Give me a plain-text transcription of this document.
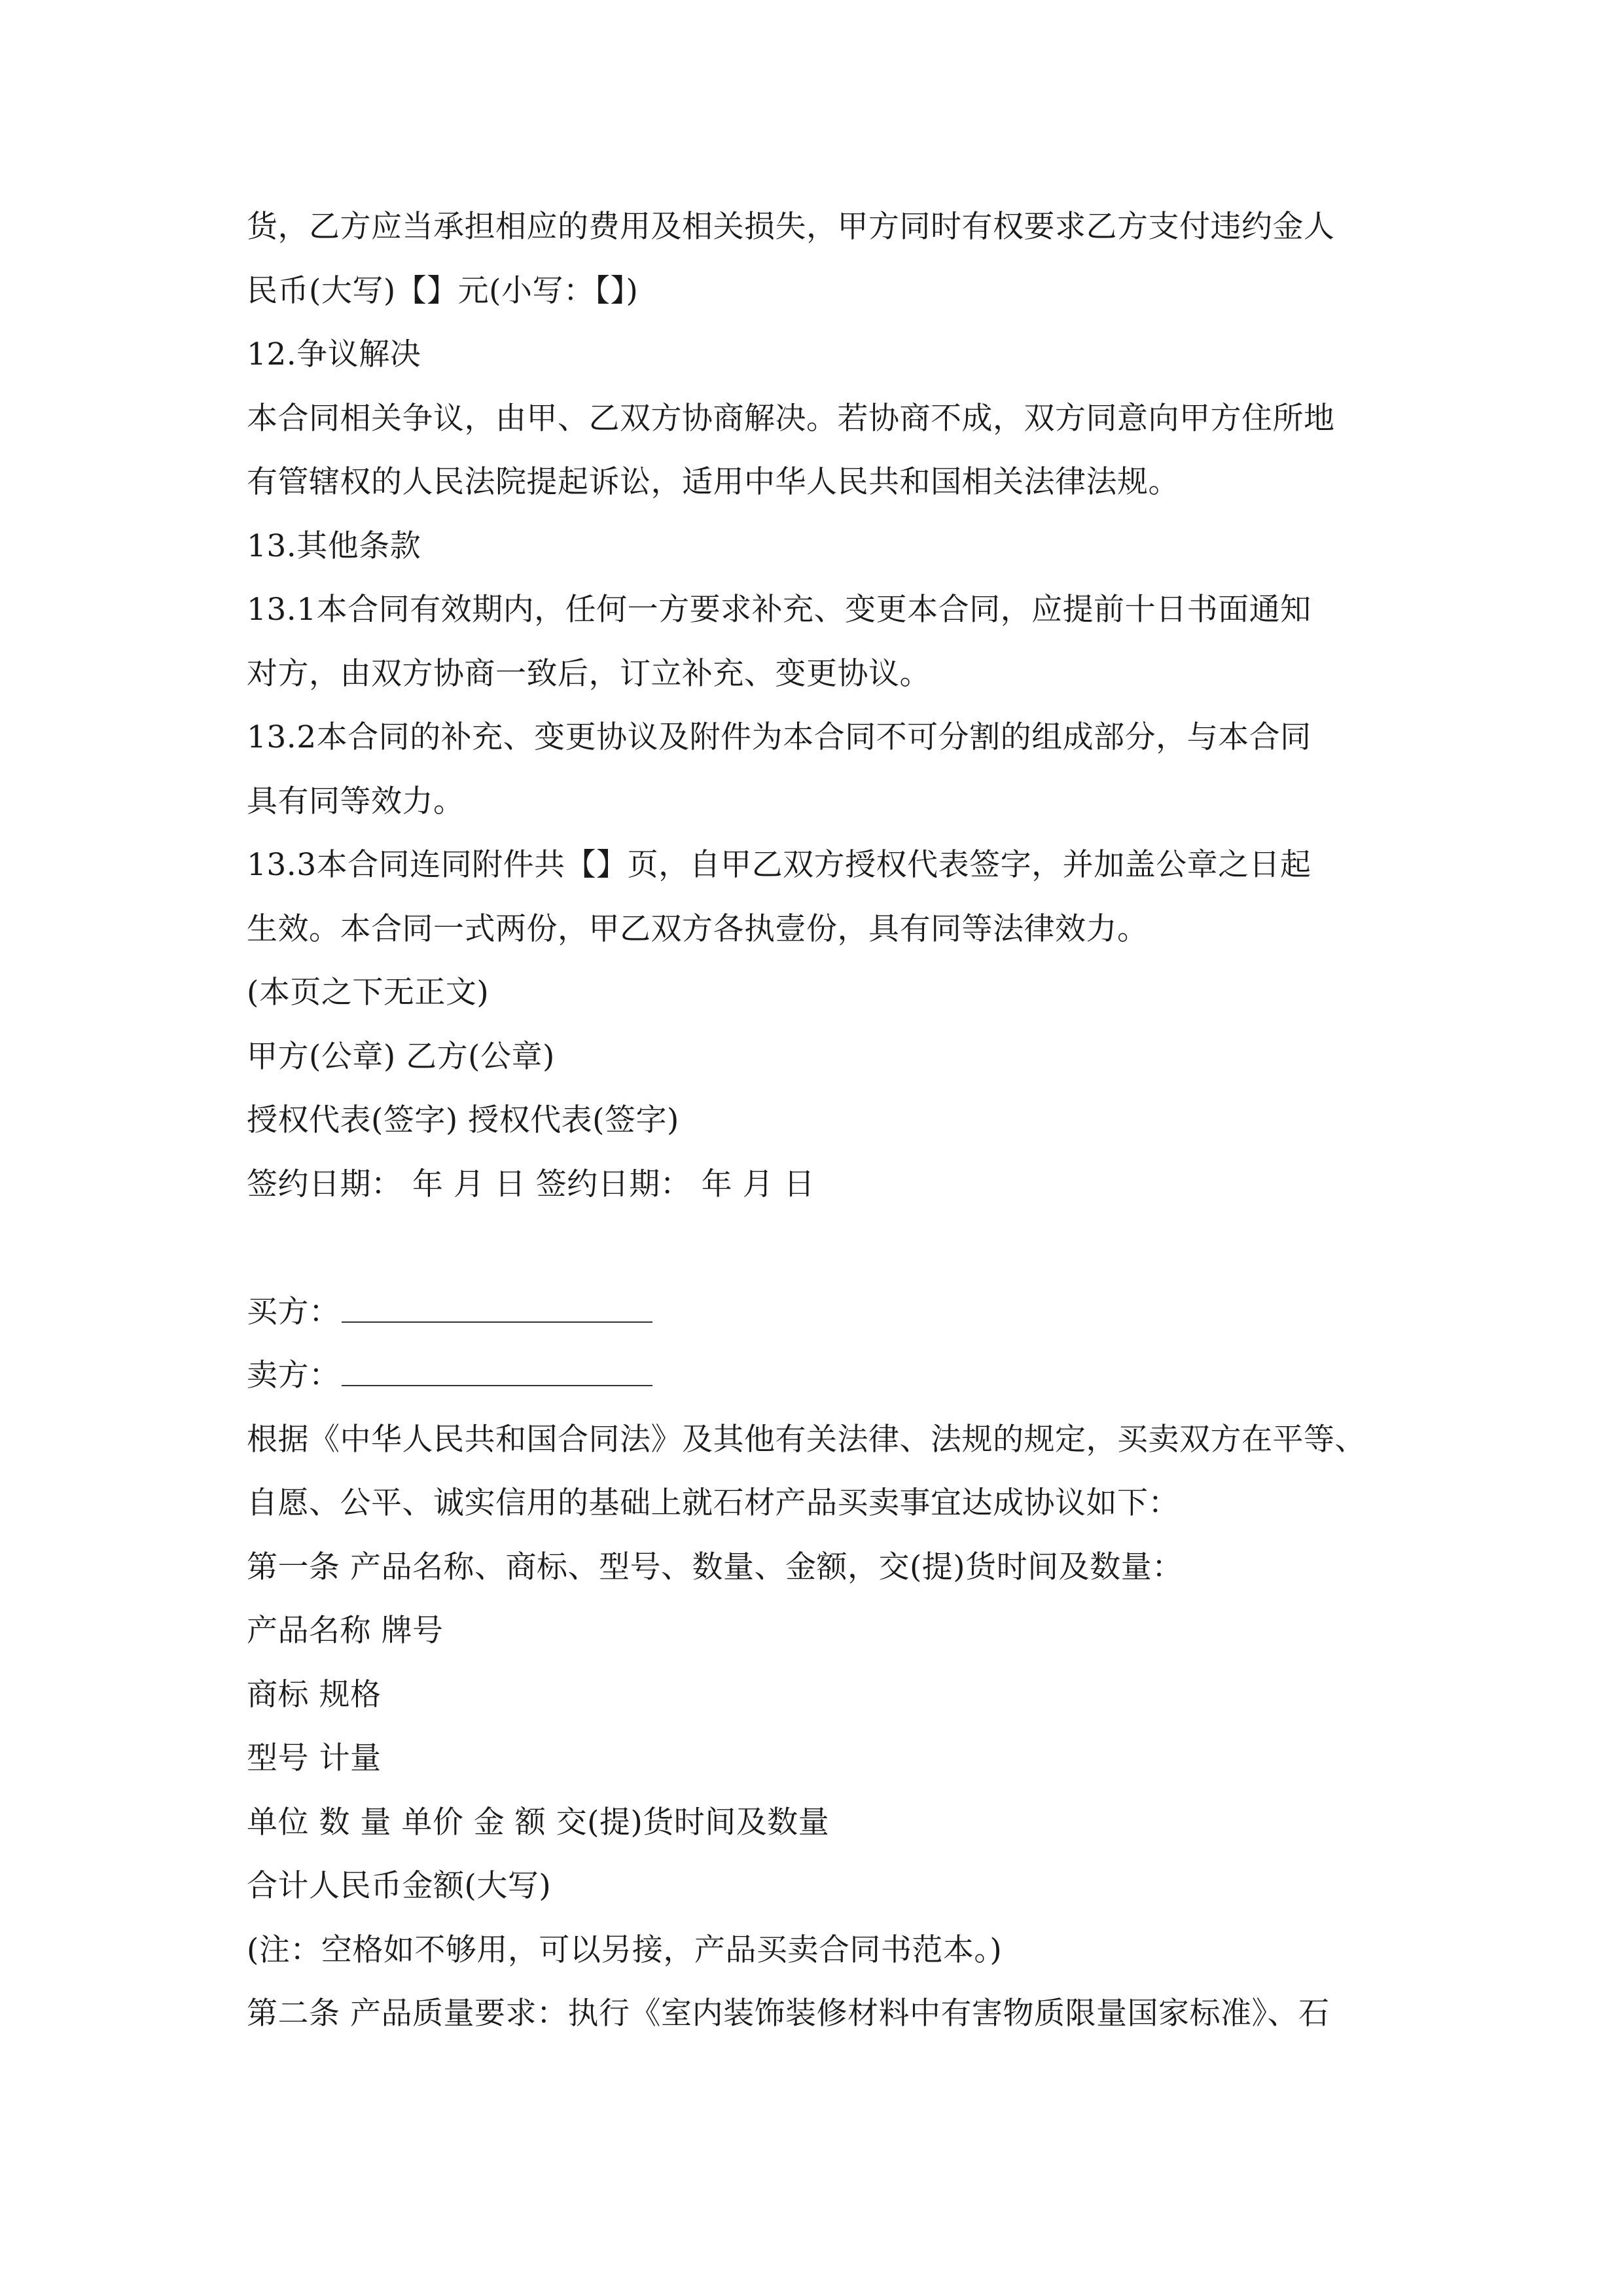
货，乙方应当承担相应的费用及相关损失，甲方同时有权要求乙方支付违约金人
民币(大写)【】元(小写：【】)
12.争议解决
本合同相关争议，由甲、乙双方协商解决。若协商不成，双方同意向甲方住所地
有管辖权的人民法院提起诉讼，适用中华人民共和国相关法律法规。
13.其他条款
13.1本合同有效期内，任何一方要求补充、变更本合同，应提前十日书面通知
对方，由双方协商一致后，订立补充、变更协议。
13.2本合同的补充、变更协议及附件为本合同不可分割的组成部分，与本合同
具有同等效力。
13.3本合同连同附件共【】页，自甲乙双方授权代表签字，并加盖公章之日起
生效。本合同一式两份，甲乙双方各执壹份，具有同等法律效力。
(本页之下无正文)
甲方(公章) 乙方(公章)
授权代表(签字) 授权代表(签字)
签约日期： 年 月 日 签约日期： 年 月 日
买方：
卖方：
根据《中华人民共和国合同法》及其他有关法律、法规的规定，买卖双方在平等、
自愿、公平、诚实信用的基础上就石材产品买卖事宜达成协议如下：
第一条 产品名称、商标、型号、数量、金额，交(提)货时间及数量：
产品名称 牌号
商标 规格
型号 计量
单位 数 量 单价 金 额 交(提)货时间及数量
合计人民币金额(大写)
(注：空格如不够用，可以另接，产品买卖合同书范本。)
第二条 产品质量要求：执行《室内装饰装修材料中有害物质限量国家标准》、石
